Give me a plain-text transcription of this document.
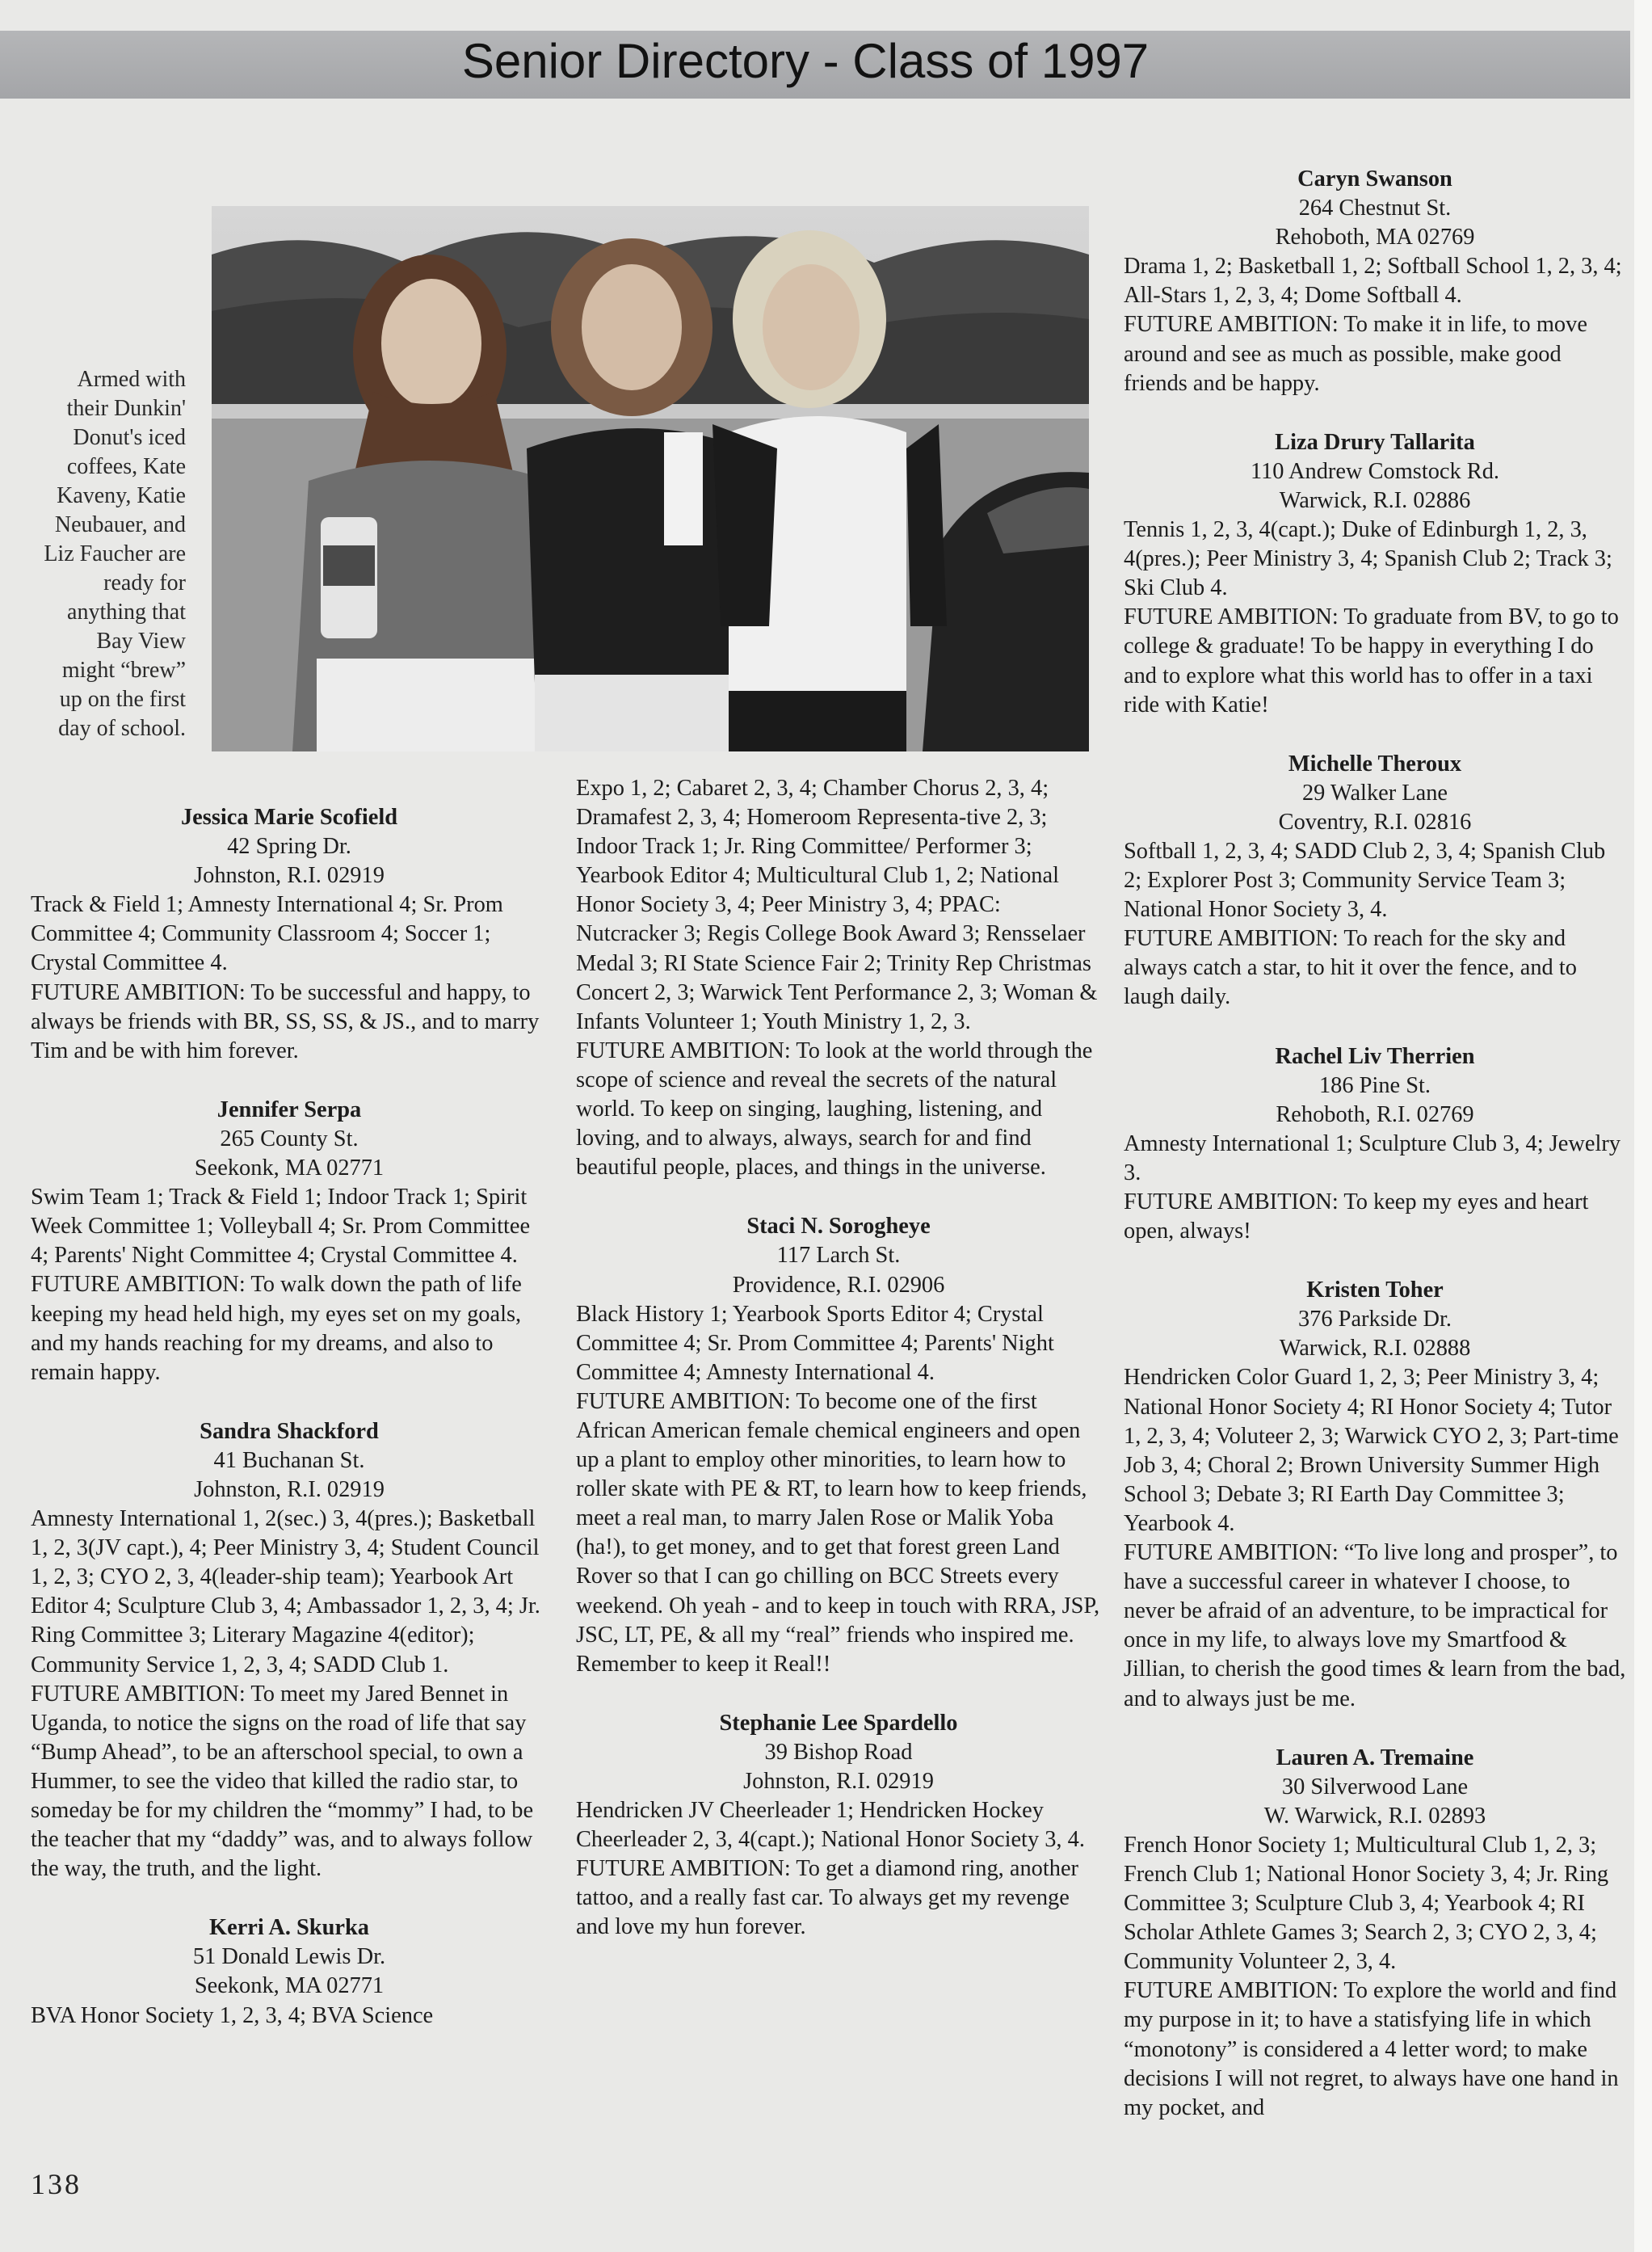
Senior Directory - Class of 1997
Armed with
their Dunkin'
Donut's iced
coffees, Kate
Kaveny, Katie
Neubauer, and
Liz Faucher are
ready for
anything that
Bay View
might “brew”
up on the first
day of school.
Jessica Marie Scofield
42 Spring Dr.
Johnston, R.I. 02919
Track & Field 1; Amnesty International 4; Sr. Prom Committee 4; Community Classroom 4; Soccer 1; Crystal Committee 4.
FUTURE AMBITION: To be successful and happy, to always be friends with BR, SS, SS, & JS., and to marry Tim and be with him forever.
Jennifer Serpa
265 County St.
Seekonk, MA 02771
Swim Team 1; Track & Field 1; Indoor Track 1; Spirit Week Committee 1; Volleyball 4; Sr. Prom Committee 4; Parents' Night Committee 4; Crystal Committee 4.
FUTURE AMBITION: To walk down the path of life keeping my head held high, my eyes set on my goals, and my hands reaching for my dreams, and also to remain happy.
Sandra Shackford
41 Buchanan St.
Johnston, R.I. 02919
Amnesty International 1, 2(sec.) 3, 4(pres.); Basketball 1, 2, 3(JV capt.), 4; Peer Ministry 3, 4; Student Council 1, 2, 3; CYO 2, 3, 4(leader-ship team); Yearbook Art Editor 4; Sculpture Club 3, 4; Ambassador 1, 2, 3, 4; Jr. Ring Committee 3; Literary Magazine 4(editor); Community Service 1, 2, 3, 4; SADD Club 1.
FUTURE AMBITION: To meet my Jared Bennet in Uganda, to notice the signs on the road of life that say “Bump Ahead”, to be an afterschool special, to own a Hummer, to see the video that killed the radio star, to someday be for my children the “mommy” I had, to be the teacher that my “daddy” was, and to always follow the way, the truth, and the light.
Kerri A. Skurka
51 Donald Lewis Dr.
Seekonk, MA 02771
BVA Honor Society 1, 2, 3, 4; BVA Science
Expo 1, 2; Cabaret 2, 3, 4; Chamber Chorus 2, 3, 4; Dramafest 2, 3, 4; Homeroom Representa-tive 2, 3; Indoor Track 1; Jr. Ring Committee/ Performer 3; Yearbook Editor 4; Multicultural Club 1, 2; National Honor Society 3, 4; Peer Ministry 3, 4; PPAC: Nutcracker 3; Regis College Book Award 3; Rensselaer Medal 3; RI State Science Fair 2; Trinity Rep Christmas Concert 2, 3; Warwick Tent Performance 2, 3; Woman & Infants Volunteer 1; Youth Ministry 1, 2, 3.
FUTURE AMBITION: To look at the world through the scope of science and reveal the secrets of the natural world. To keep on singing, laughing, listening, and loving, and to always, always, search for and find beautiful people, places, and things in the universe.
Staci N. Sorogheye
117 Larch St.
Providence, R.I. 02906
Black History 1; Yearbook Sports Editor 4; Crystal Committee 4; Sr. Prom Committee 4; Parents' Night Committee 4; Amnesty International 4.
FUTURE AMBITION: To become one of the first African American female chemical engineers and open up a plant to employ other minorities, to learn how to roller skate with PE & RT, to learn how to keep friends, meet a real man, to marry Jalen Rose or Malik Yoba (ha!), to get money, and to get that forest green Land Rover so that I can go chilling on BCC Streets every weekend. Oh yeah - and to keep in touch with RRA, JSP, JSC, LT, PE, & all my “real” friends who inspired me. Remember to keep it Real!!
Stephanie Lee Spardello
39 Bishop Road
Johnston, R.I. 02919
Hendricken JV Cheerleader 1; Hendricken Hockey Cheerleader 2, 3, 4(capt.); National Honor Society 3, 4.
FUTURE AMBITION: To get a diamond ring, another tattoo, and a really fast car. To always get my revenge and love my hun forever.
Caryn Swanson
264 Chestnut St.
Rehoboth, MA 02769
Drama 1, 2; Basketball 1, 2; Softball School 1, 2, 3, 4; All-Stars 1, 2, 3, 4; Dome Softball 4.
FUTURE AMBITION: To make it in life, to move around and see as much as possible, make good friends and be happy.
Liza Drury Tallarita
110 Andrew Comstock Rd.
Warwick, R.I. 02886
Tennis 1, 2, 3, 4(capt.); Duke of Edinburgh 1, 2, 3, 4(pres.); Peer Ministry 3, 4; Spanish Club 2; Track 3; Ski Club 4.
FUTURE AMBITION: To graduate from BV, to go to college & graduate! To be happy in everything I do and to explore what this world has to offer in a taxi ride with Katie!
Michelle Theroux
29 Walker Lane
Coventry, R.I. 02816
Softball 1, 2, 3, 4; SADD Club 2, 3, 4; Spanish Club 2; Explorer Post 3; Community Service Team 3; National Honor Society 3, 4.
FUTURE AMBITION: To reach for the sky and always catch a star, to hit it over the fence, and to laugh daily.
Rachel Liv Therrien
186 Pine St.
Rehoboth, R.I. 02769
Amnesty International 1; Sculpture Club 3, 4; Jewelry 3.
FUTURE AMBITION: To keep my eyes and heart open, always!
Kristen Toher
376 Parkside Dr.
Warwick, R.I. 02888
Hendricken Color Guard 1, 2, 3; Peer Ministry 3, 4; National Honor Society 4; RI Honor Society 4; Tutor 1, 2, 3, 4; Voluteer 2, 3; Warwick CYO 2, 3; Part-time Job 3, 4; Choral 2; Brown University Summer High School 3; Debate 3; RI Earth Day Committee 3; Yearbook 4.
FUTURE AMBITION: “To live long and prosper”, to have a successful career in whatever I choose, to never be afraid of an adventure, to be impractical for once in my life, to always love my Smartfood & Jillian, to cherish the good times & learn from the bad, and to always just be me.
Lauren A. Tremaine
30 Silverwood Lane
W. Warwick, R.I. 02893
French Honor Society 1; Multicultural Club 1, 2, 3; French Club 1; National Honor Society 3, 4; Jr. Ring Committee 3; Sculpture Club 3, 4; Yearbook 4; RI Scholar Athlete Games 3; Search 2, 3; CYO 2, 3, 4; Community Volunteer 2, 3, 4.
FUTURE AMBITION: To explore the world and find my purpose in it; to have a statisfying life in which “monotony” is considered a 4 letter word; to make decisions I will not regret, to always have one hand in my pocket, and
138
